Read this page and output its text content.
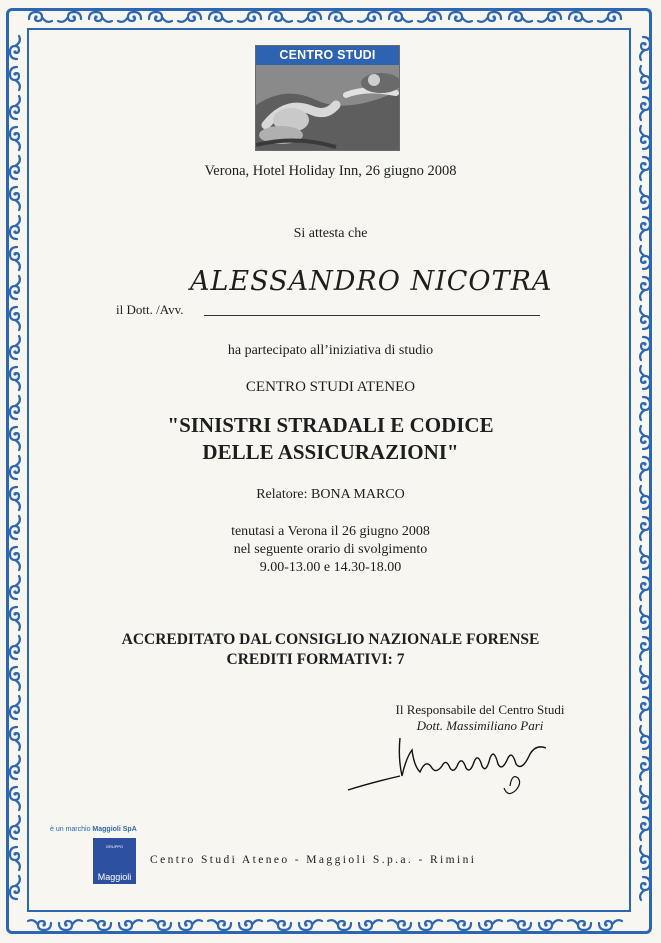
CENTRO STUDI
Verona, Hotel Holiday Inn, 26 giugno 2008
Si attesta che
ALESSANDRO NICOTRA
il Dott. /Avv.
ha partecipato all’iniziativa di studio
CENTRO STUDI ATENEO
"SINISTRI STRADALI E CODICE
DELLE ASSICURAZIONI"
Relatore: BONA MARCO
tenutasi a Verona il 26 giugno 2008
nel seguente orario di svolgimento
9.00-13.00 e 14.30-18.00
ACCREDITATO DAL CONSIGLIO NAZIONALE FORENSE
CREDITI FORMATIVI: 7
Il Responsabile del Centro Studi
Dott. Massimiliano Pari
è un marchio Maggioli SpA
GRUPPO
Maggioli
Centro Studi Ateneo - Maggioli S.p.a. - Rimini
